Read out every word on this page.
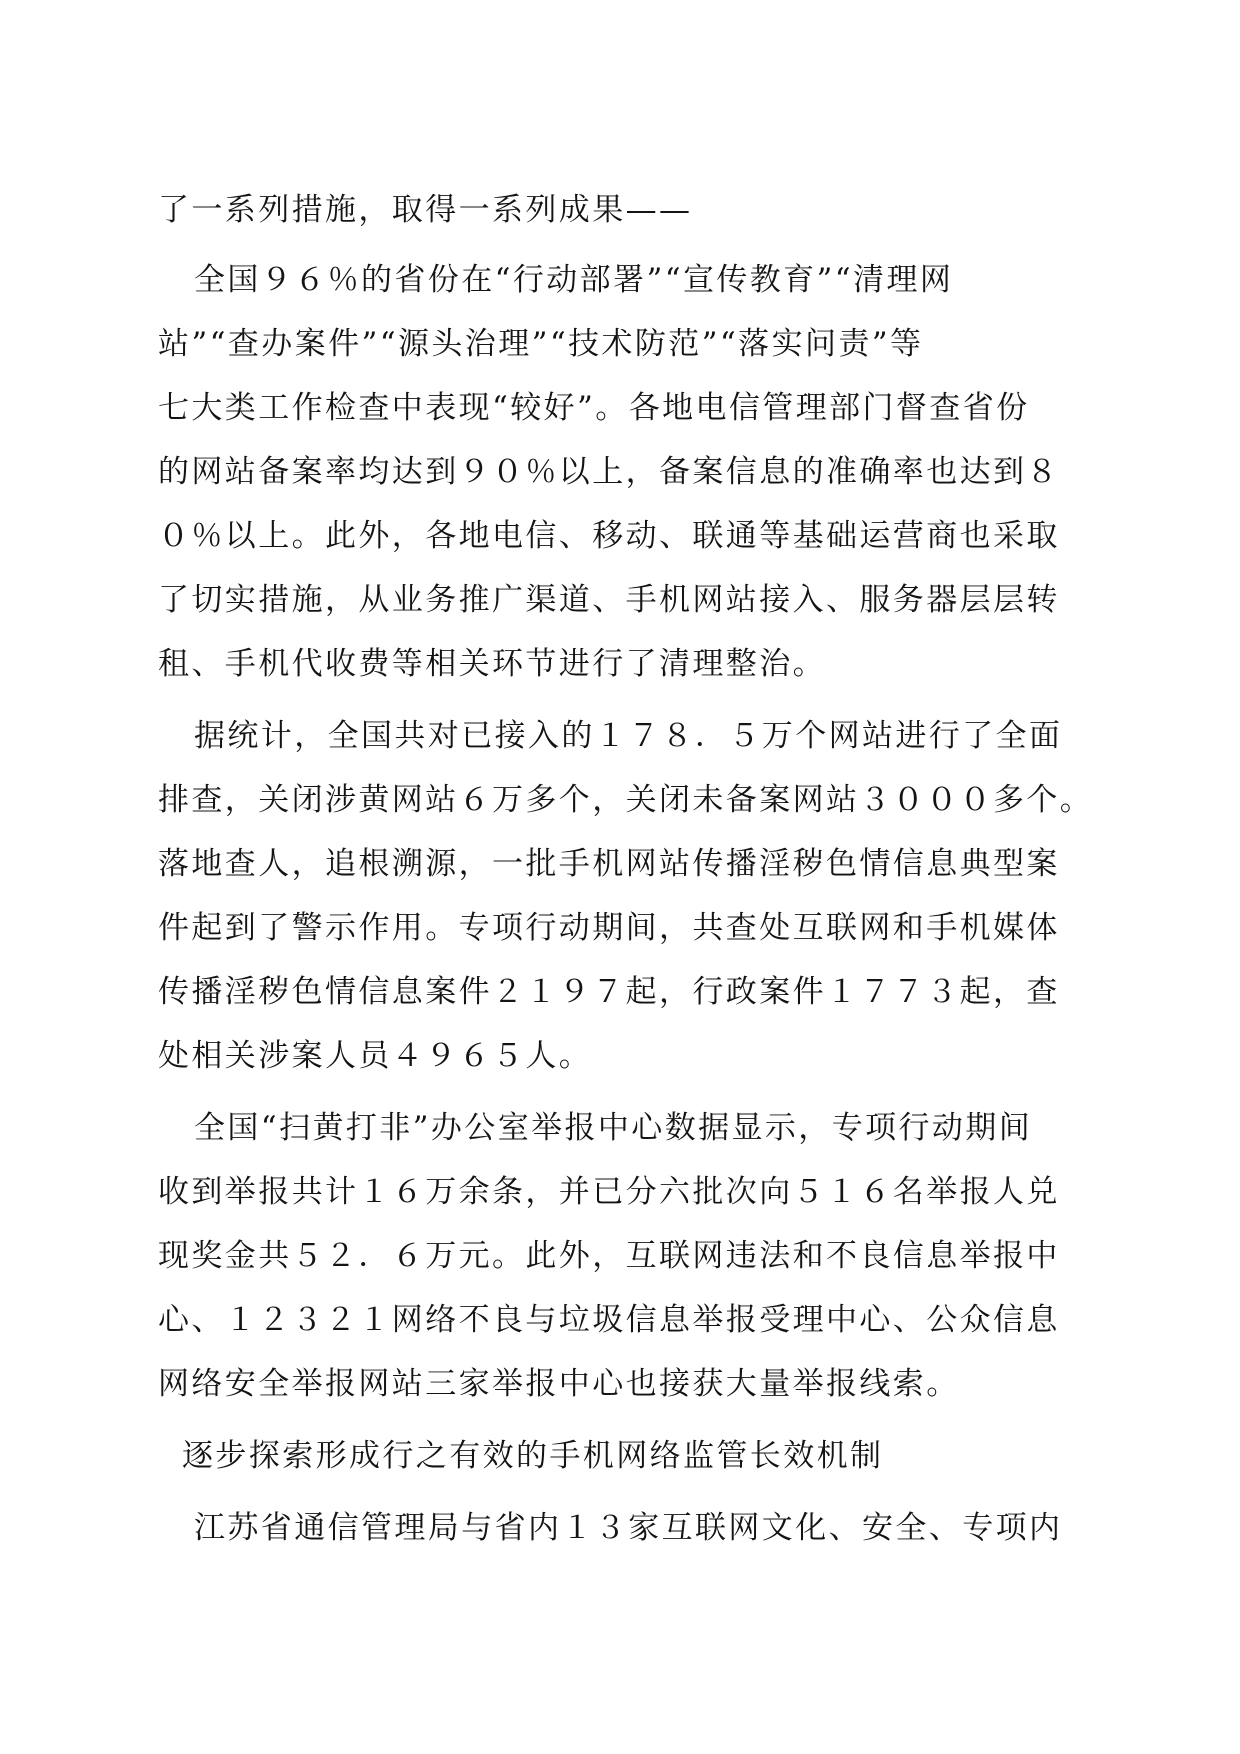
了一系列措施，取得一系列成果——
全国９６％的省份在“行动部署”“宣传教育”“清理网
站”“查办案件”“源头治理”“技术防范”“落实问责”等
七大类工作检查中表现“较好”。各地电信管理部门督查省份
的网站备案率均达到９０％以上，备案信息的准确率也达到８
０％以上。此外，各地电信、移动、联通等基础运营商也采取
了切实措施，从业务推广渠道、手机网站接入、服务器层层转
租、手机代收费等相关环节进行了清理整治。
据统计，全国共对已接入的１７８．５万个网站进行了全面
排查，关闭涉黄网站６万多个，关闭未备案网站３０００多个。
落地查人，追根溯源，一批手机网站传播淫秽色情信息典型案
件起到了警示作用。专项行动期间，共查处互联网和手机媒体
传播淫秽色情信息案件２１９７起，行政案件１７７３起，查
处相关涉案人员４９６５人。
全国“扫黄打非”办公室举报中心数据显示，专项行动期间
收到举报共计１６万余条，并已分六批次向５１６名举报人兑
现奖金共５２．６万元。此外，互联网违法和不良信息举报中
心、１２３２１网络不良与垃圾信息举报受理中心、公众信息
网络安全举报网站三家举报中心也接获大量举报线索。
逐步探索形成行之有效的手机网络监管长效机制
江苏省通信管理局与省内１３家互联网文化、安全、专项内
